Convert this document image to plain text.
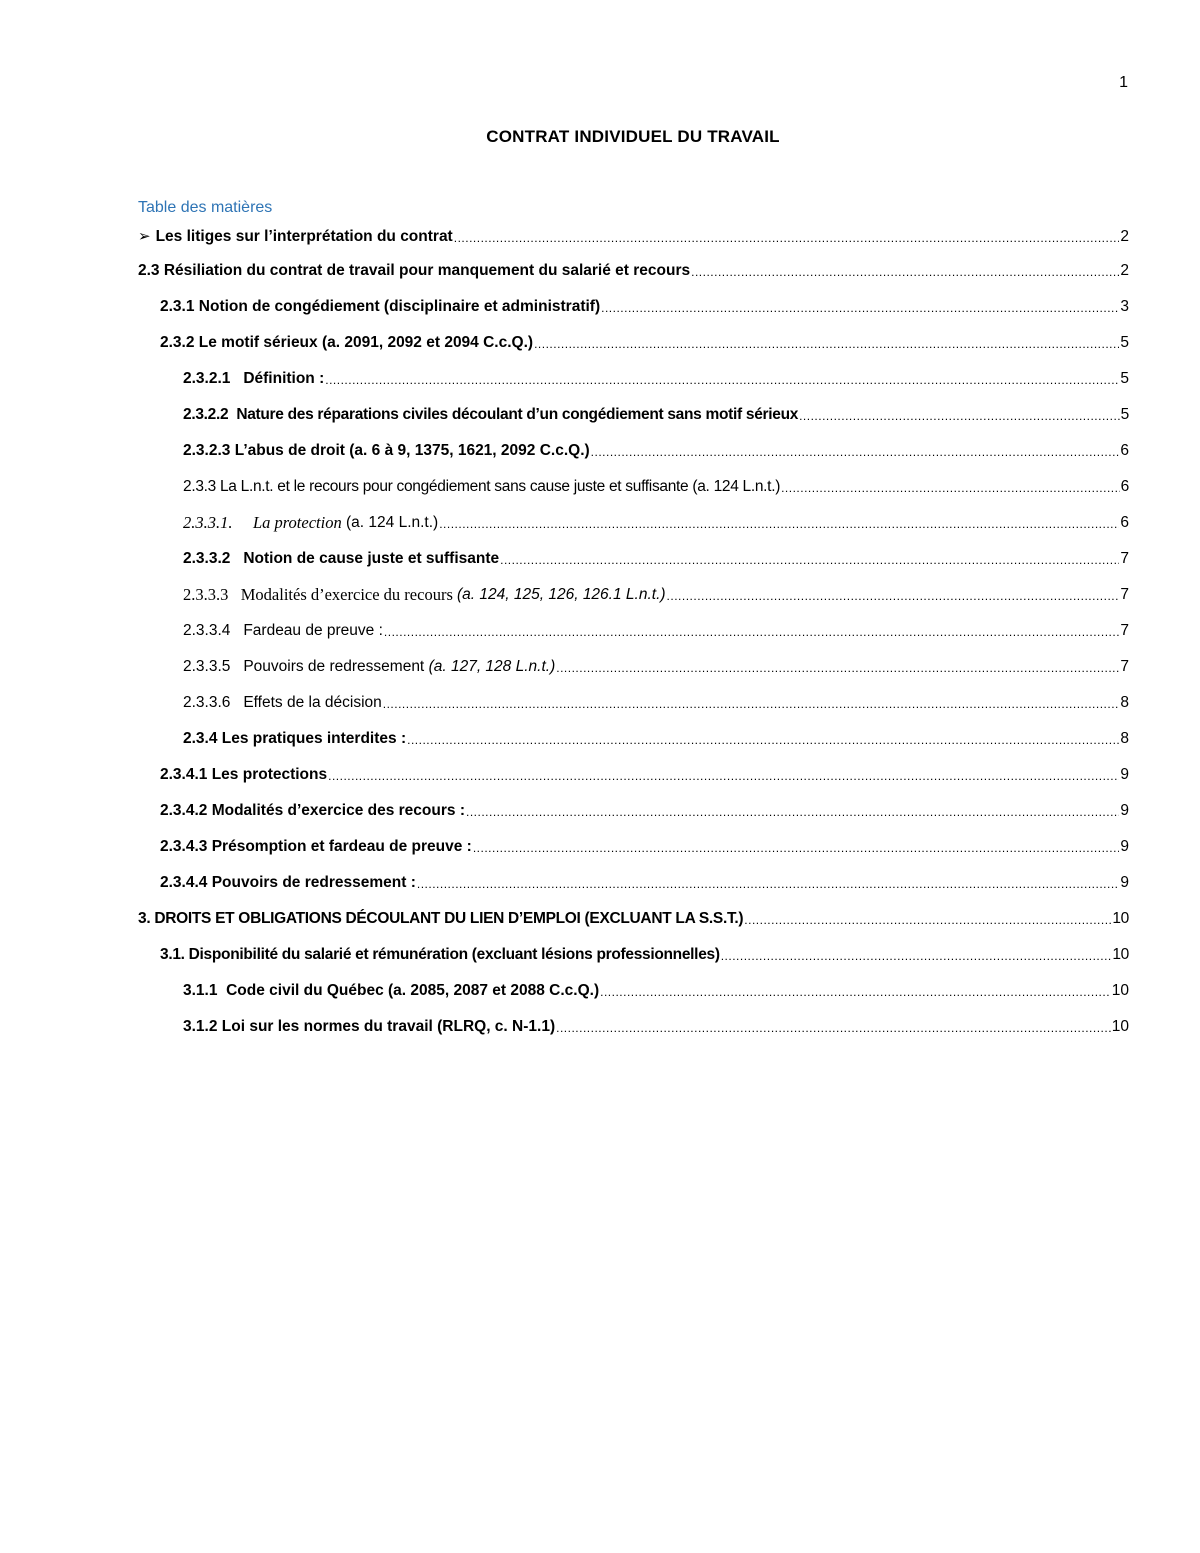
1
CONTRAT INDIVIDUEL DU TRAVAIL
Table des matières
➢ Les litiges sur l’interprétation du contrat .....	2
2.3 Résiliation du contrat de travail pour manquement du salarié et recours .....	2
2.3.1 Notion de congédiement (disciplinaire et administratif) .....	3
2.3.2 Le motif sérieux (a. 2091, 2092 et 2094 C.c.Q.) .....	5
2.3.2.1   Définition : .....	5
2.3.2.2  Nature des réparations civiles découlant d’un congédiement sans motif sérieux .....	5
2.3.2.3 L’abus de droit (a. 6 à 9, 1375, 1621, 2092 C.c.Q.) .....	6
2.3.3 La L.n.t. et le recours pour congédiement sans cause juste et suffisante (a. 124 L.n.t.) .....	6
2.3.3.1. La protection (a. 124 L.n.t.) .....	6
2.3.3.2   Notion de cause juste et suffisante .....	7
2.3.3.3   Modalités d’exercice du recours (a. 124, 125, 126, 126.1 L.n.t.) .....	7
2.3.3.4   Fardeau de preuve : .....	7
2.3.3.5   Pouvoirs de redressement (a. 127, 128 L.n.t.) .....	7
2.3.3.6   Effets de la décision .....	8
2.3.4 Les pratiques interdites : .....	8
2.3.4.1 Les protections .....	9
2.3.4.2 Modalités d’exercice des recours : .....	9
2.3.4.3 Présomption et fardeau de preuve : .....	9
2.3.4.4 Pouvoirs de redressement : .....	9
3. DROITS ET OBLIGATIONS DÉCOULANT DU LIEN D’EMPLOI (EXCLUANT LA S.S.T.) .....	10
3.1. Disponibilité du salarié et rémunération (excluant lésions professionnelles) .....	10
3.1.1  Code civil du Québec (a. 2085, 2087 et 2088 C.c.Q.) .....	10
3.1.2 Loi sur les normes du travail (RLRQ, c. N-1.1) .....	10
